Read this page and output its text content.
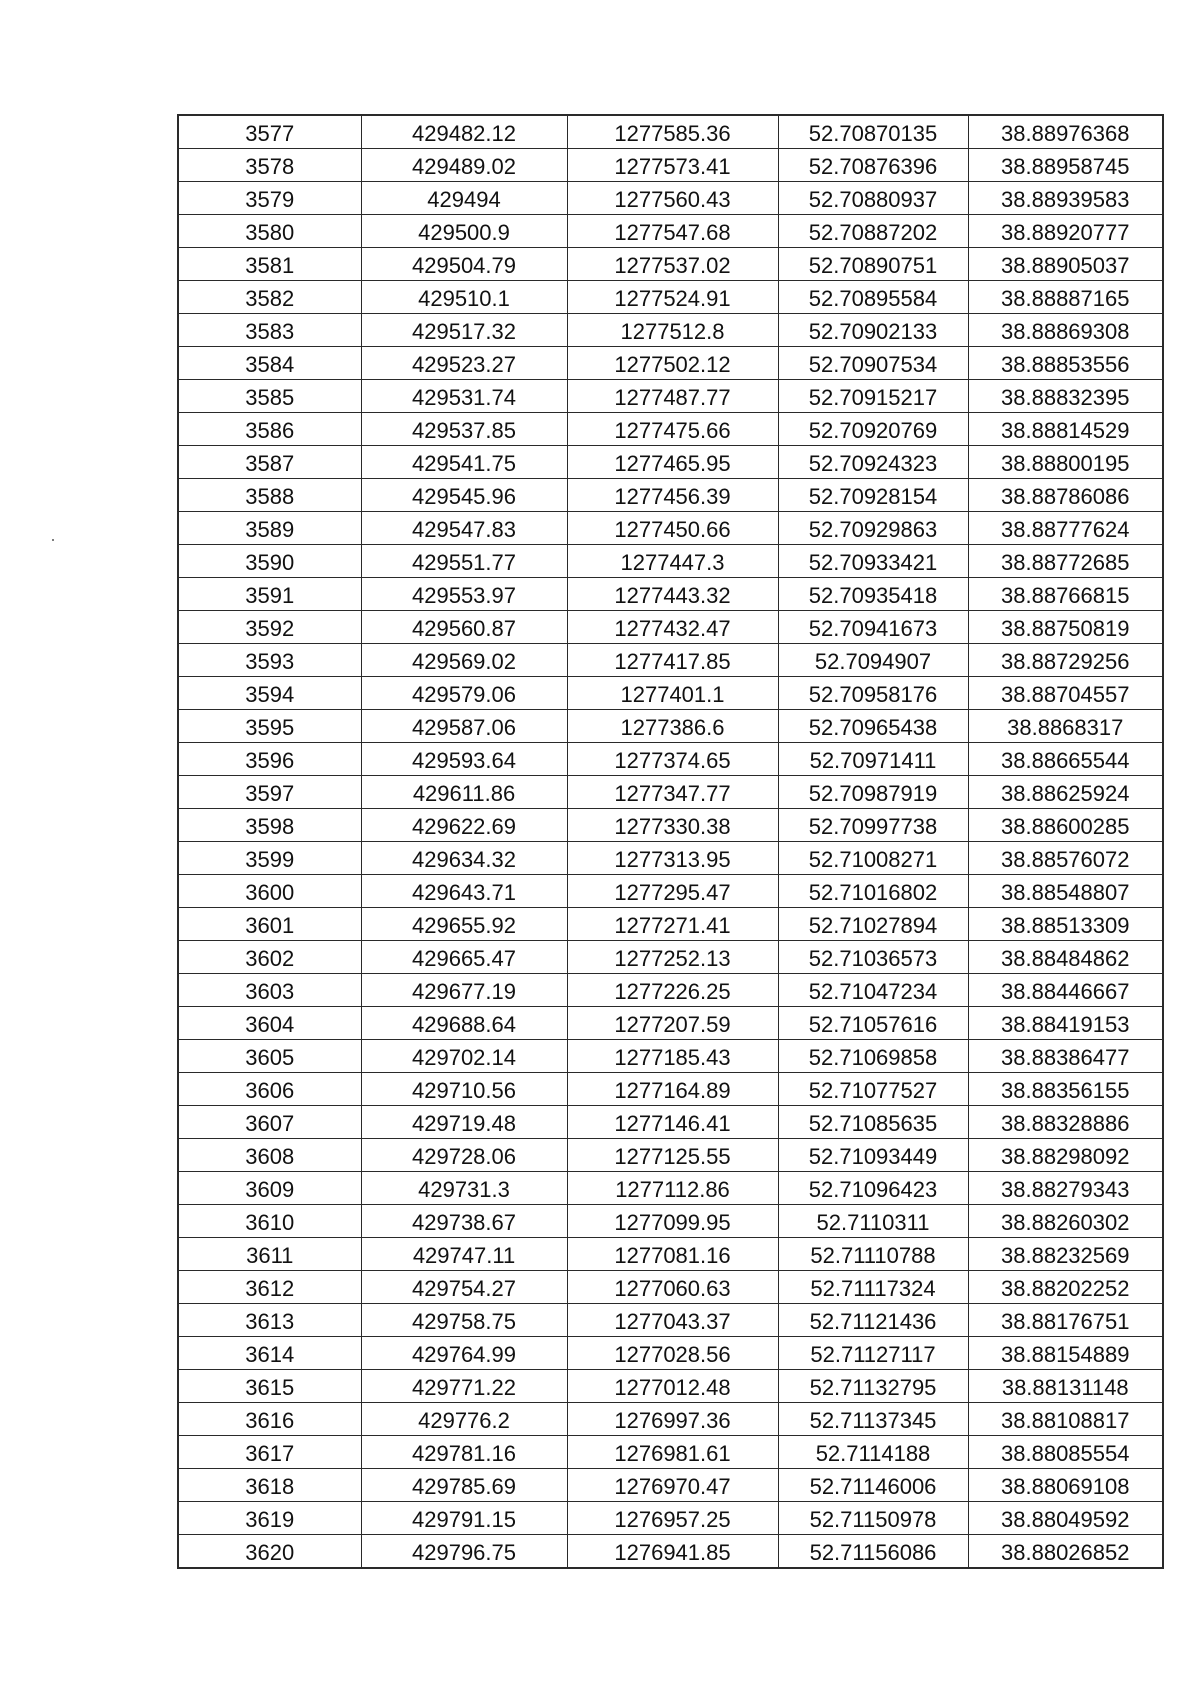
3577	429482.12	1277585.36	52.70870135	38.88976368
3578	429489.02	1277573.41	52.70876396	38.88958745
3579	429494	1277560.43	52.70880937	38.88939583
3580	429500.9	1277547.68	52.70887202	38.88920777
3581	429504.79	1277537.02	52.70890751	38.88905037
3582	429510.1	1277524.91	52.70895584	38.88887165
3583	429517.32	1277512.8	52.70902133	38.88869308
3584	429523.27	1277502.12	52.70907534	38.88853556
3585	429531.74	1277487.77	52.70915217	38.88832395
3586	429537.85	1277475.66	52.70920769	38.88814529
3587	429541.75	1277465.95	52.70924323	38.88800195
3588	429545.96	1277456.39	52.70928154	38.88786086
3589	429547.83	1277450.66	52.70929863	38.88777624
3590	429551.77	1277447.3	52.70933421	38.88772685
3591	429553.97	1277443.32	52.70935418	38.88766815
3592	429560.87	1277432.47	52.70941673	38.88750819
3593	429569.02	1277417.85	52.7094907	38.88729256
3594	429579.06	1277401.1	52.70958176	38.88704557
3595	429587.06	1277386.6	52.70965438	38.8868317
3596	429593.64	1277374.65	52.70971411	38.88665544
3597	429611.86	1277347.77	52.70987919	38.88625924
3598	429622.69	1277330.38	52.70997738	38.88600285
3599	429634.32	1277313.95	52.71008271	38.88576072
3600	429643.71	1277295.47	52.71016802	38.88548807
3601	429655.92	1277271.41	52.71027894	38.88513309
3602	429665.47	1277252.13	52.71036573	38.88484862
3603	429677.19	1277226.25	52.71047234	38.88446667
3604	429688.64	1277207.59	52.71057616	38.88419153
3605	429702.14	1277185.43	52.71069858	38.88386477
3606	429710.56	1277164.89	52.71077527	38.88356155
3607	429719.48	1277146.41	52.71085635	38.88328886
3608	429728.06	1277125.55	52.71093449	38.88298092
3609	429731.3	1277112.86	52.71096423	38.88279343
3610	429738.67	1277099.95	52.7110311	38.88260302
3611	429747.11	1277081.16	52.71110788	38.88232569
3612	429754.27	1277060.63	52.71117324	38.88202252
3613	429758.75	1277043.37	52.71121436	38.88176751
3614	429764.99	1277028.56	52.71127117	38.88154889
3615	429771.22	1277012.48	52.71132795	38.88131148
3616	429776.2	1276997.36	52.71137345	38.88108817
3617	429781.16	1276981.61	52.7114188	38.88085554
3618	429785.69	1276970.47	52.71146006	38.88069108
3619	429791.15	1276957.25	52.71150978	38.88049592
3620	429796.75	1276941.85	52.71156086	38.88026852
